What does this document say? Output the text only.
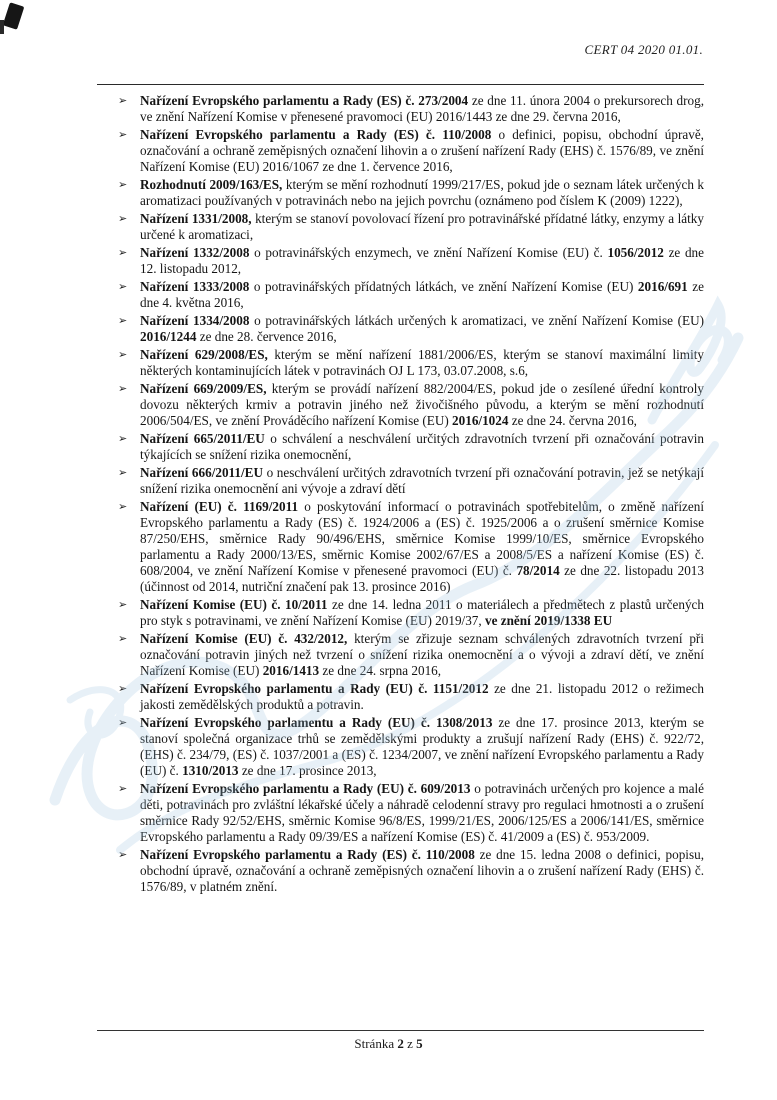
CERT 04 2020 01.01.
➢ Nařízení Evropského parlamentu a Rady (ES) č. 273/2004 ze dne 11. února 2004 o prekursorech drog, ve znění Nařízení Komise v přenesené pravomoci (EU) 2016/1443 ze dne 29. června 2016,
➢ Nařízení Evropského parlamentu a Rady (ES) č. 110/2008 o definici, popisu, obchodní úpravě, označování a ochraně zeměpisných označení lihovin a o zrušení nařízení Rady (EHS) č. 1576/89, ve znění Nařízení Komise (EU) 2016/1067 ze dne 1. července 2016,
➢ Rozhodnutí 2009/163/ES, kterým se mění rozhodnutí 1999/217/ES, pokud jde o seznam látek určených k aromatizaci používaných v potravinách nebo na jejich povrchu (oznámeno pod číslem K (2009) 1222),
➢ Nařízení 1331/2008, kterým se stanoví povolovací řízení pro potravinářské přídatné látky, enzymy a látky určené k aromatizaci,
➢ Nařízení 1332/2008 o potravinářských enzymech, ve znění Nařízení Komise (EU) č. 1056/2012 ze dne 12. listopadu 2012,
➢ Nařízení 1333/2008 o potravinářských přídatných látkách, ve znění Nařízení Komise (EU) 2016/691 ze dne 4. května 2016,
➢ Nařízení 1334/2008 o potravinářských látkách určených k aromatizaci, ve znění Nařízení Komise (EU) 2016/1244 ze dne 28. července 2016,
➢ Nařízení 629/2008/ES, kterým se mění nařízení 1881/2006/ES, kterým se stanoví maximální limity některých kontaminujících látek v potravinách OJ L 173, 03.07.2008, s.6,
➢ Nařízení 669/2009/ES, kterým se provádí nařízení 882/2004/ES, pokud jde o zesílené úřední kontroly dovozu některých krmiv a potravin jiného než živočišného původu, a kterým se mění rozhodnutí 2006/504/ES, ve znění Prováděcího nařízení Komise (EU) 2016/1024 ze dne 24. června 2016,
➢ Nařízení 665/2011/EU o schválení a neschválení určitých zdravotních tvrzení při označování potravin týkajících se snížení rizika onemocnění,
➢ Nařízení 666/2011/EU o neschválení určitých zdravotních tvrzení při označování potravin, jež se netýkají snížení rizika onemocnění ani vývoje a zdraví dětí
➢ Nařízení (EU) č. 1169/2011 o poskytování informací o potravinách spotřebitelům, o změně nařízení Evropského parlamentu a Rady (ES) č. 1924/2006 a (ES) č. 1925/2006 a o zrušení směrnice Komise 87/250/EHS, směrnice Rady 90/496/EHS, směrnice Komise 1999/10/ES, směrnice Evropského parlamentu a Rady 2000/13/ES, směrnic Komise 2002/67/ES a 2008/5/ES a nařízení Komise (ES) č. 608/2004, ve znění Nařízení Komise v přenesené pravomoci (EU) č. 78/2014 ze dne 22. listopadu 2013 (účinnost od 2014, nutriční značení pak 13. prosince 2016)
➢ Nařízení Komise (EU) č. 10/2011 ze dne 14. ledna 2011 o materiálech a předmětech z plastů určených pro styk s potravinami, ve znění Nařízení Komise (EU) 2019/37, ve znění 2019/1338 EU
➢ Nařízení Komise (EU) č. 432/2012, kterým se zřizuje seznam schválených zdravotních tvrzení při označování potravin jiných než tvrzení o snížení rizika onemocnění a o vývoji a zdraví dětí, ve znění Nařízení Komise (EU) 2016/1413 ze dne 24. srpna 2016,
➢ Nařízení Evropského parlamentu a Rady (EU) č. 1151/2012 ze dne 21. listopadu 2012 o režimech jakosti zemědělských produktů a potravin.
➢ Nařízení Evropského parlamentu a Rady (EU) č. 1308/2013 ze dne 17. prosince 2013, kterým se stanoví společná organizace trhů se zemědělskými produkty a zrušují nařízení Rady (EHS) č. 922/72, (EHS) č. 234/79, (ES) č. 1037/2001 a (ES) č. 1234/2007, ve znění nařízení Evropského parlamentu a Rady (EU) č. 1310/2013 ze dne 17. prosince 2013,
➢ Nařízení Evropského parlamentu a Rady (EU) č. 609/2013 o potravinách určených pro kojence a malé děti, potravinách pro zvláštní lékařské účely a náhradě celodenní stravy pro regulaci hmotnosti a o zrušení směrnice Rady 92/52/EHS, směrnic Komise 96/8/ES, 1999/21/ES, 2006/125/ES a 2006/141/ES, směrnice Evropského parlamentu a Rady 09/39/ES a nařízení Komise (ES) č. 41/2009 a (ES) č. 953/2009.
➢ Nařízení Evropského parlamentu a Rady (ES) č. 110/2008 ze dne 15. ledna 2008 o definici, popisu, obchodní úpravě, označování a ochraně zeměpisných označení lihovin a o zrušení nařízení Rady (EHS) č. 1576/89, v platném znění.
Stránka 2 z 5
